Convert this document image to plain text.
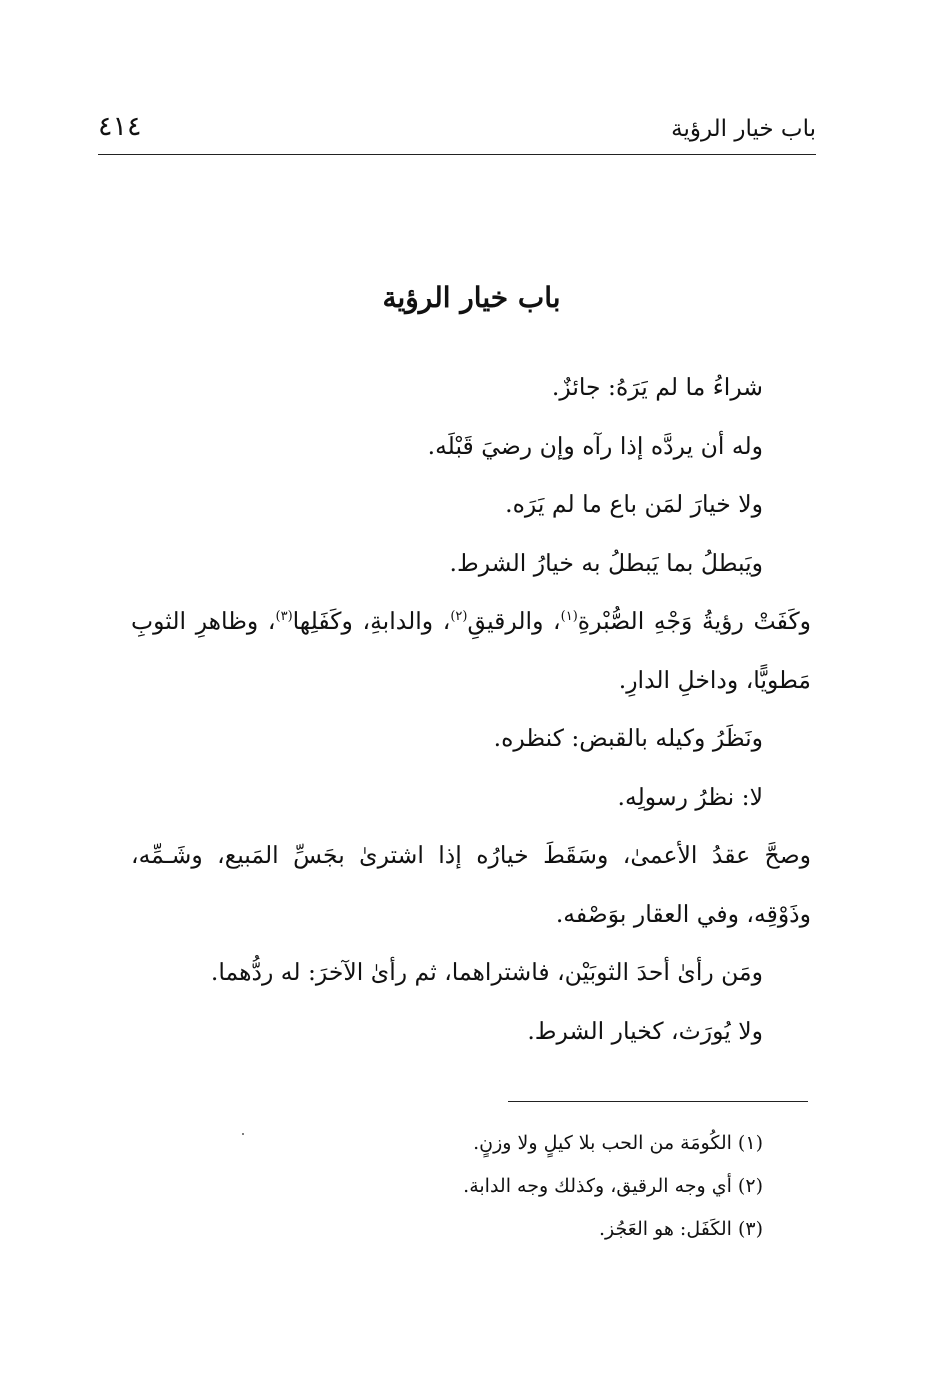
باب خيار الرؤية
٤١٤
باب خيار الرؤية

شراءُ ما لم يَرَهُ: جائزٌ.

وله أن يردَّه إذا رآه وإن رضيَ قَبْلَه.

ولا خيارَ لمَن باع ما لم يَرَه.

ويَبطلُ بما يَبطلُ به خيارُ الشرط.

وكَفَتْ رؤيةُ وَجْهِ الصُّبْرةِ$^{(١)}$، والرقيقِ$^{(٢)}$، والدابةِ، وكَفَلِها$^{(٣)}$، وظاهرِ الثوبِ مَطويًّا، وداخلِ الدارِ.

ونَظَرُ وكيله بالقبض: كنظره.

لا: نظرُ رسولِه.

وصحَّ عقدُ الأعمىٰ، وسَقَطَ خيارُه إذا اشترىٰ بجَسِّ المَبيع، وشَـمِّه، وذَوْقِه، وفي العقار بوَصْفه.

ومَن رأىٰ أحدَ الثوبَيْن، فاشتراهما، ثم رأىٰ الآخرَ: له ردُّهما.

ولا يُورَث، كخيار الشرط.

(١) الكُومَة من الحب بلا كيلٍ ولا وزنٍ.

(٢) أي وجه الرقيق، وكذلك وجه الدابة.

(٣) الكَفَل: هو العَجُز.
